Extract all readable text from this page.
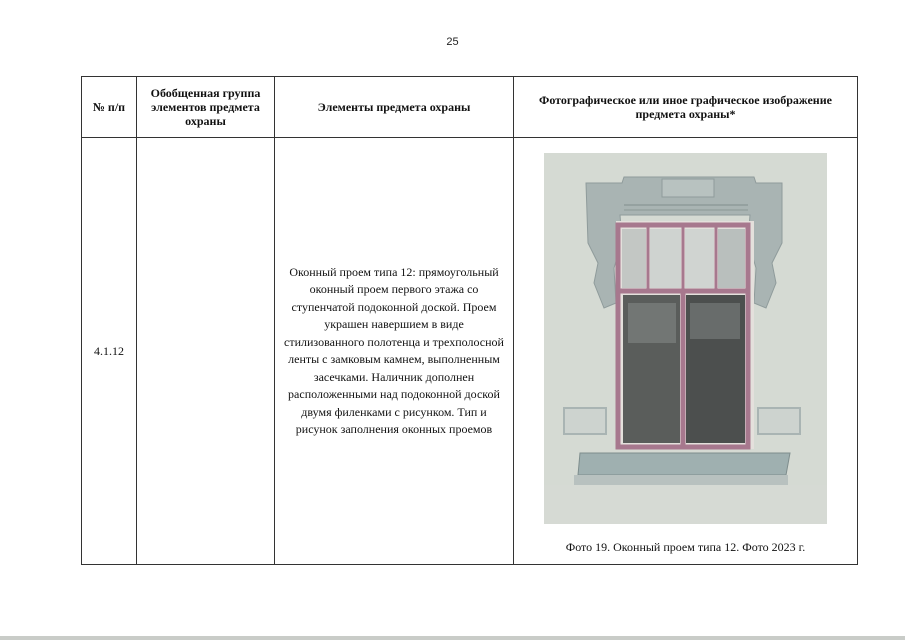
25
№ п/п	Обобщенная группа элементов предмета охраны	Элементы предмета охраны	Фотографическое или иное графическое изображение предмета охраны*
4.1.12		Оконный проем типа 12: прямоугольный оконный проем первого этажа со ступенчатой подоконной доской. Проем украшен навершием в виде стилизованного полотенца и трехполосной ленты с замковым камнем, выполненным засечками. Наличник дополнен расположенными над подоконной доской двумя филенками с рисунком. Тип и рисунок заполнения оконных проемов	Фото 19. Оконный проем типа 12. Фото 2023 г.
